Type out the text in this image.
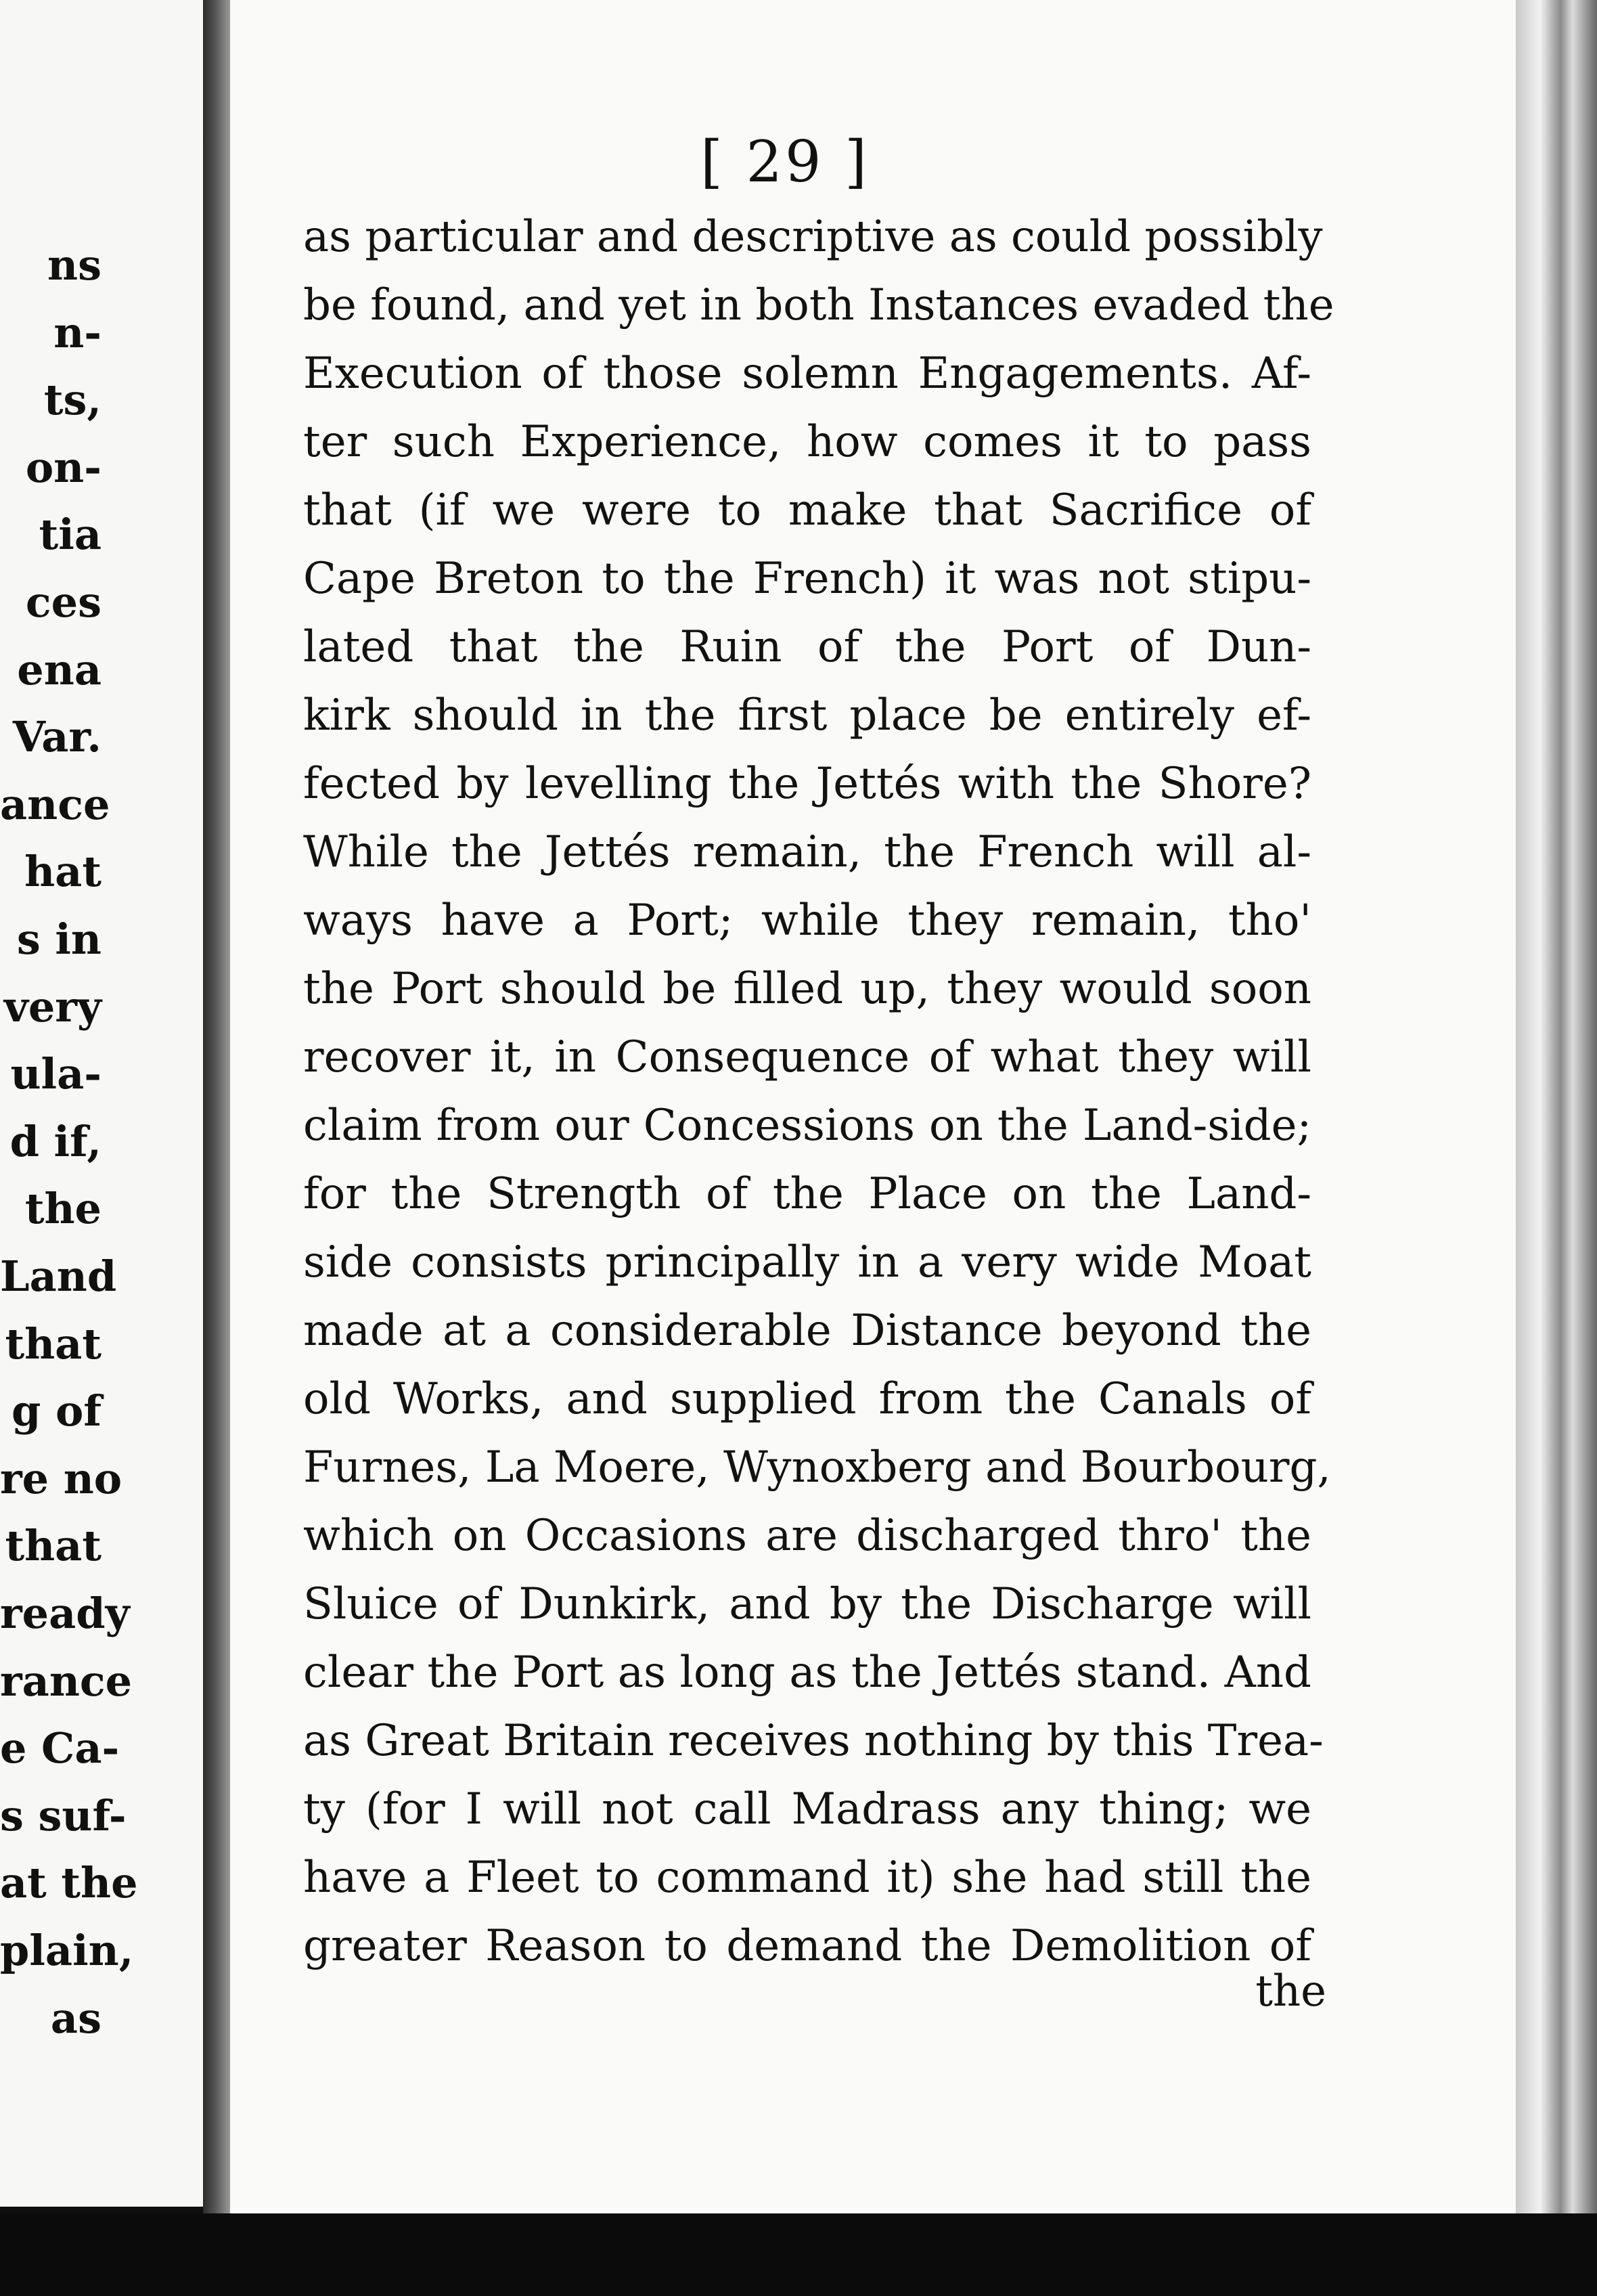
ns
n-
ts,
on-
tia
ces
ena
Var.
ance
hat
s in
very
ula-
d if,
the
Land
that
g of
re no
that
ready
rance
e Ca-
s suf-
at the
plain,
as
[ 29 ]
as particular and descriptive as could possibly
be found, and yet in both Instances evaded the
Execution of those solemn Engagements. Af-
ter such Experience, how comes it to pass
that (if we were to make that Sacrifice of
Cape Breton to the French) it was not stipu-
lated that the Ruin of the Port of Dun-
kirk should in the first place be entirely ef-
fected by levelling the Jettés with the Shore?
While the Jettés remain, the French will al-
ways have a Port; while they remain, tho'
the Port should be filled up, they would soon
recover it, in Consequence of what they will
claim from our Concessions on the Land-side;
for the Strength of the Place on the Land-
side consists principally in a very wide Moat
made at a considerable Distance beyond the
old Works, and supplied from the Canals of
Furnes, La Moere, Wynoxberg and Bourbourg,
which on Occasions are discharged thro' the
Sluice of Dunkirk, and by the Discharge will
clear the Port as long as the Jettés stand. And
as Great Britain receives nothing by this Trea-
ty (for I will not call Madrass any thing; we
have a Fleet to command it) she had still the
greater Reason to demand the Demolition of
the
